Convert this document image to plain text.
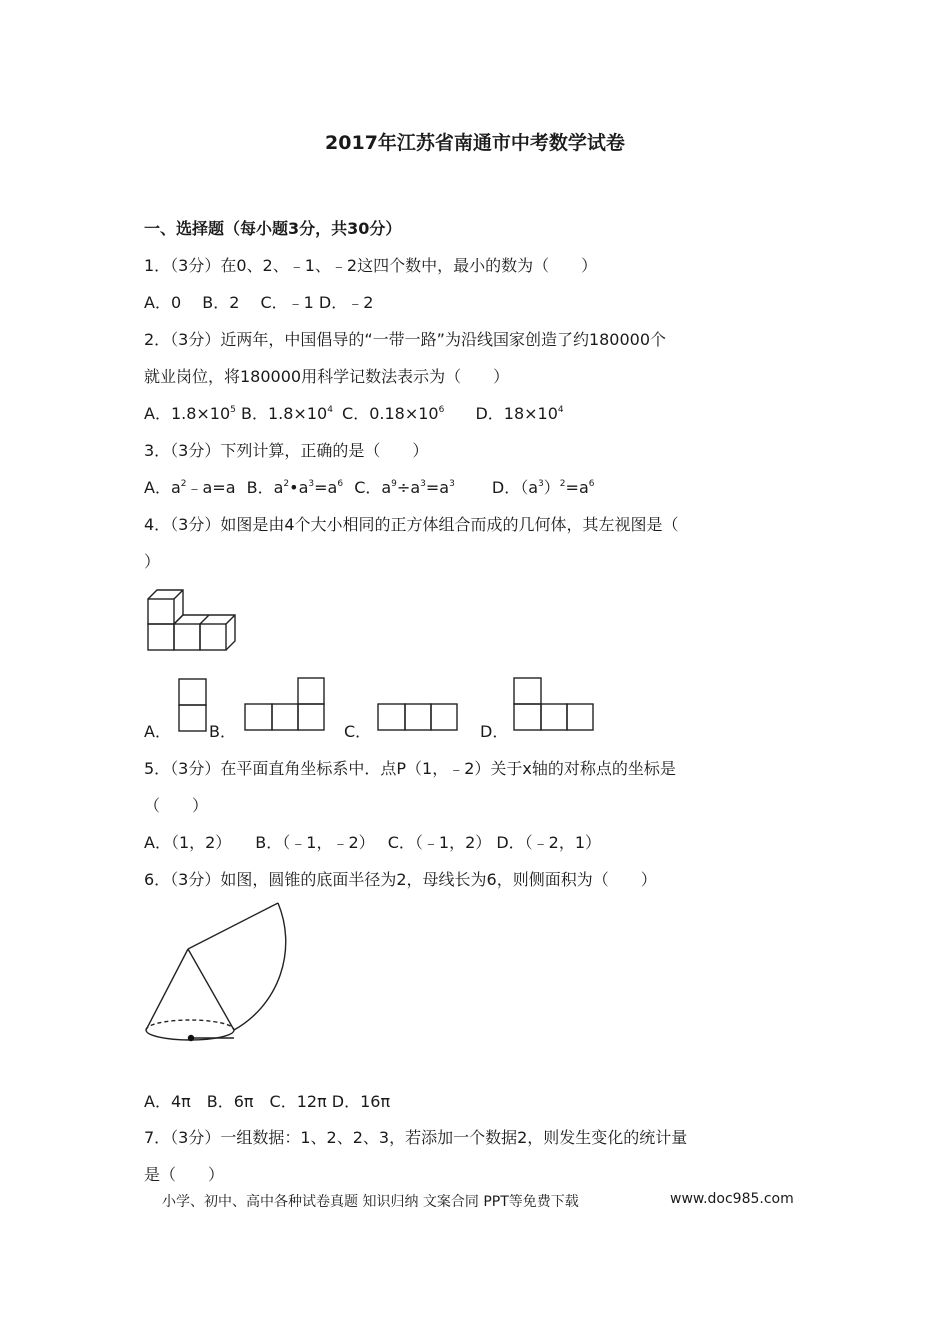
2017年江苏省南通市中考数学试卷
一、选择题（每小题3分，共30分）
1．（3分）在0、2、﹣1、﹣2这四个数中，最小的数为（　　）
A．0　 B．2　 C．﹣1 D．﹣2
2．（3分）近两年，中国倡导的“一带一路”为沿线国家创造了约180000个
就业岗位，将180000用科学记数法表示为（　　）
A．$1.8\times 10^5$ B．$1.8\times 10^4$ C．$0.18\times 10^6$ D．$18\times 10^4$
3．（3分）下列计算，正确的是（　　）
A．$a^2﹣a=a$ B．$a^2•a^3=a^6$ C．$a^9\div a^3=a^3$ D．$(a^3)^2=a^6$
4．（3分）如图是由4个大小相同的正方体组合而成的几何体，其左视图是（
）
A． B．	C．	D．
5．（3分）在平面直角坐标系中．点P（1，﹣2）关于x轴的对称点的坐标是
（　　）
A．（1，2）　　B．（﹣1，﹣2）　 C．（﹣1，2） D．（﹣2，1）
6．（3分）如图，圆锥的底面半径为2，母线长为6，则侧面积为（　　）
A．4π　B．6π　C．12π D．16π
7．（3分）一组数据：1、2、2、3，若添加一个数据2，则发生变化的统计量
是（　　）
小学、初中、高中各种试卷真题 知识归纳 文案合同 PPT等免费下载	www.doc985.com
